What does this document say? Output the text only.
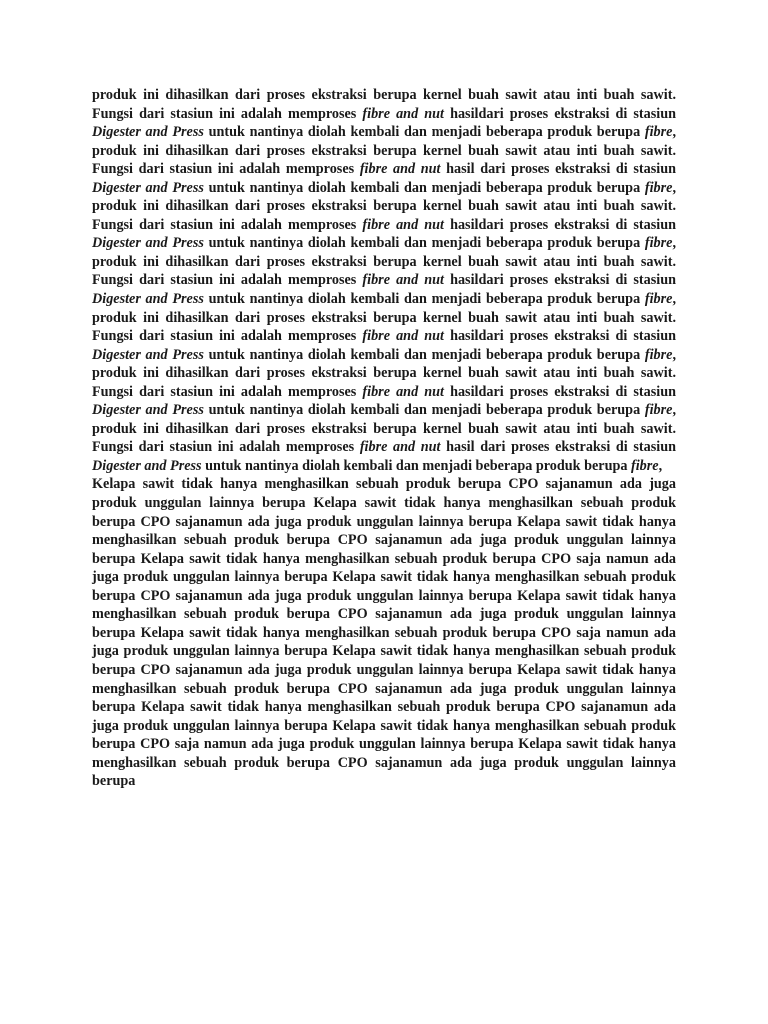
produk ini dihasilkan dari proses ekstraksi berupa kernel buah sawit atau inti buah sawit. Fungsi dari stasiun ini adalah memproses fibre and nut hasildari proses ekstraksi di stasiun Digester and Press untuk nantinya diolah kembali dan menjadi beberapa produk berupa fibre, produk ini dihasilkan dari proses ekstraksi berupa kernel buah sawit atau inti buah sawit. Fungsi dari stasiun ini adalah memproses fibre and nut hasil dari proses ekstraksi di stasiun Digester and Press untuk nantinya diolah kembali dan menjadi beberapa produk berupa fibre, produk ini dihasilkan dari proses ekstraksi berupa kernel buah sawit atau inti buah sawit. Fungsi dari stasiun ini adalah memproses fibre and nut hasildari proses ekstraksi di stasiun Digester and Press untuk nantinya diolah kembali dan menjadi beberapa produk berupa fibre, produk ini dihasilkan dari proses ekstraksi berupa kernel buah sawit atau inti buah sawit. Fungsi dari stasiun ini adalah memproses fibre and nut hasildari proses ekstraksi di stasiun Digester and Press untuk nantinya diolah kembali dan menjadi beberapa produk berupa fibre, produk ini dihasilkan dari proses ekstraksi berupa kernel buah sawit atau inti buah sawit. Fungsi dari stasiun ini adalah memproses fibre and nut hasildari proses ekstraksi di stasiun Digester and Press untuk nantinya diolah kembali dan menjadi beberapa produk berupa fibre, produk ini dihasilkan dari proses ekstraksi berupa kernel buah sawit atau inti buah sawit. Fungsi dari stasiun ini adalah memproses fibre and nut hasildari proses ekstraksi di stasiun Digester and Press untuk nantinya diolah kembali dan menjadi beberapa produk berupa fibre, produk ini dihasilkan dari proses ekstraksi berupa kernel buah sawit atau inti buah sawit. Fungsi dari stasiun ini adalah memproses fibre and nut hasil dari proses ekstraksi di stasiun Digester and Press untuk nantinya diolah kembali dan menjadi beberapa produk berupa fibre,

Kelapa sawit tidak hanya menghasilkan sebuah produk berupa CPO sajanamun ada juga produk unggulan lainnya berupa Kelapa sawit tidak hanya menghasilkan sebuah produk berupa CPO sajanamun ada juga produk unggulan lainnya berupa Kelapa sawit tidak hanya menghasilkan sebuah produk berupa CPO sajanamun ada juga produk unggulan lainnya berupa Kelapa sawit tidak hanya menghasilkan sebuah produk berupa CPO saja namun ada juga produk unggulan lainnya berupa Kelapa sawit tidak hanya menghasilkan sebuah produk berupa CPO sajanamun ada juga produk unggulan lainnya berupa Kelapa sawit tidak hanya menghasilkan sebuah produk berupa CPO sajanamun ada juga produk unggulan lainnya berupa Kelapa sawit tidak hanya menghasilkan sebuah produk berupa CPO saja namun ada juga produk unggulan lainnya berupa Kelapa sawit tidak hanya menghasilkan sebuah produk berupa CPO sajanamun ada juga produk unggulan lainnya berupa Kelapa sawit tidak hanya menghasilkan sebuah produk berupa CPO sajanamun ada juga produk unggulan lainnya berupa Kelapa sawit tidak hanya menghasilkan sebuah produk berupa CPO sajanamun ada juga produk unggulan lainnya berupa Kelapa sawit tidak hanya menghasilkan sebuah produk berupa CPO saja namun ada juga produk unggulan lainnya berupa Kelapa sawit tidak hanya menghasilkan sebuah produk berupa CPO sajanamun ada juga produk unggulan lainnya berupa
